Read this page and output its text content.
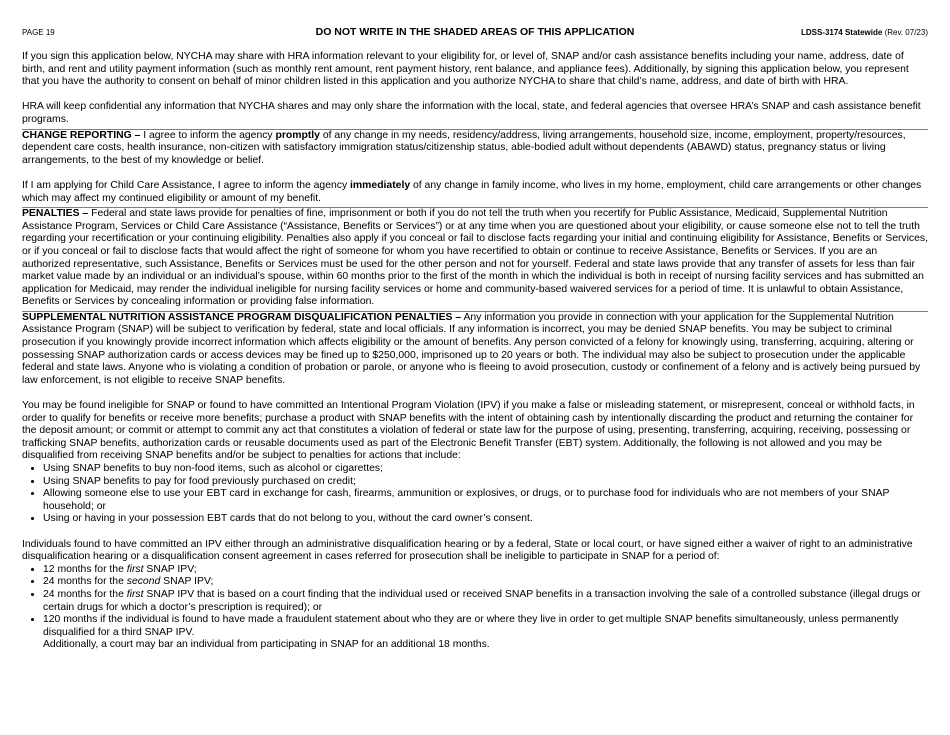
PAGE 19	DO NOT WRITE IN THE SHADED AREAS OF THIS APPLICATION	LDSS-3174 Statewide (Rev. 07/23)

If you sign this application below, NYCHA may share with HRA information relevant to your eligibility for, or level of, SNAP and/or cash assistance benefits including your name, address, date of birth, and rent and utility payment information (such as monthly rent amount, rent payment history, rent balance, and appliance fees). Additionally, by signing this application below, you represent that you have the authority to consent on behalf of minor children listed in this application and you authorize NYCHA to share that child’s name, address, and date of birth with HRA.

HRA will keep confidential any information that NYCHA shares and may only share the information with the local, state, and federal agencies that oversee HRA’s SNAP and cash assistance benefit programs.

CHANGE REPORTING – I agree to inform the agency promptly of any change in my needs, residency/address, living arrangements, household size, income, employment, property/resources, dependent care costs, health insurance, non-citizen with satisfactory immigration status/citizenship status, able-bodied adult without dependents (ABAWD) status, pregnancy status or living arrangements, to the best of my knowledge or belief.

If I am applying for Child Care Assistance, I agree to inform the agency immediately of any change in family income, who lives in my home, employment, child care arrangements or other changes which may affect my continued eligibility or amount of my benefit.

PENALTIES – Federal and state laws provide for penalties of fine, imprisonment or both if you do not tell the truth when you recertify for Public Assistance, Medicaid, Supplemental Nutrition Assistance Program, Services or Child Care Assistance (“Assistance, Benefits or Services”) or at any time when you are questioned about your eligibility, or cause someone else not to tell the truth regarding your recertification or your continuing eligibility. Penalties also apply if you conceal or fail to disclose facts regarding your initial and continuing eligibility for Assistance, Benefits or Services, or if you conceal or fail to disclose facts that would affect the right of someone for whom you have recertified to obtain or continue to receive Assistance, Benefits or Services. If you are an authorized representative, such Assistance, Benefits or Services must be used for the other person and not for yourself. Federal and state laws provide that any transfer of assets for less than fair market value made by an individual or an individual’s spouse, within 60 months prior to the first of the month in which the individual is both in receipt of nursing facility services and has submitted an application for Medicaid, may render the individual ineligible for nursing facility services or home and community-based waivered services for a period of time. It is unlawful to obtain Assistance, Benefits or Services by concealing information or providing false information.

SUPPLEMENTAL NUTRITION ASSISTANCE PROGRAM DISQUALIFICATION PENALTIES – Any information you provide in connection with your application for the Supplemental Nutrition Assistance Program (SNAP) will be subject to verification by federal, state and local officials. If any information is incorrect, you may be denied SNAP benefits. You may be subject to criminal prosecution if you knowingly provide incorrect information which affects eligibility or the amount of benefits. Any person convicted of a felony for knowingly using, transferring, acquiring, altering or possessing SNAP authorization cards or access devices may be fined up to $250,000, imprisoned up to 20 years or both. The individual may also be subject to prosecution under the applicable federal and state laws. Anyone who is violating a condition of probation or parole, or anyone who is fleeing to avoid prosecution, custody or confinement of a felony and is actively being pursued by law enforcement, is not eligible to receive SNAP benefits.

You may be found ineligible for SNAP or found to have committed an Intentional Program Violation (IPV) if you make a false or misleading statement, or misrepresent, conceal or withhold facts, in order to qualify for benefits or receive more benefits; purchase a product with SNAP benefits with the intent of obtaining cash by intentionally discarding the product and returning the container for the deposit amount; or commit or attempt to commit any act that constitutes a violation of federal or state law for the purpose of using, presenting, transferring, acquiring, receiving, possessing or trafficking SNAP benefits, authorization cards or reusable documents used as part of the Electronic Benefit Transfer (EBT) system. Additionally, the following is not allowed and you may be disqualified from receiving SNAP benefits and/or be subject to penalties for actions that include:

• Using SNAP benefits to buy non-food items, such as alcohol or cigarettes;
• Using SNAP benefits to pay for food previously purchased on credit;
• Allowing someone else to use your EBT card in exchange for cash, firearms, ammunition or explosives, or drugs, or to purchase food for individuals who are not members of your SNAP household; or
• Using or having in your possession EBT cards that do not belong to you, without the card owner’s consent.

Individuals found to have committed an IPV either through an administrative disqualification hearing or by a federal, State or local court, or have signed either a waiver of right to an administrative disqualification hearing or a disqualification consent agreement in cases referred for prosecution shall be ineligible to participate in SNAP for a period of:

• 12 months for the first SNAP IPV;
• 24 months for the second SNAP IPV;
• 24 months for the first SNAP IPV that is based on a court finding that the individual used or received SNAP benefits in a transaction involving the sale of a controlled substance (illegal drugs or certain drugs for which a doctor’s prescription is required); or
• 120 months if the individual is found to have made a fraudulent statement about who they are or where they live in order to get multiple SNAP benefits simultaneously, unless permanently disqualified for a third SNAP IPV.

Additionally, a court may bar an individual from participating in SNAP for an additional 18 months.
